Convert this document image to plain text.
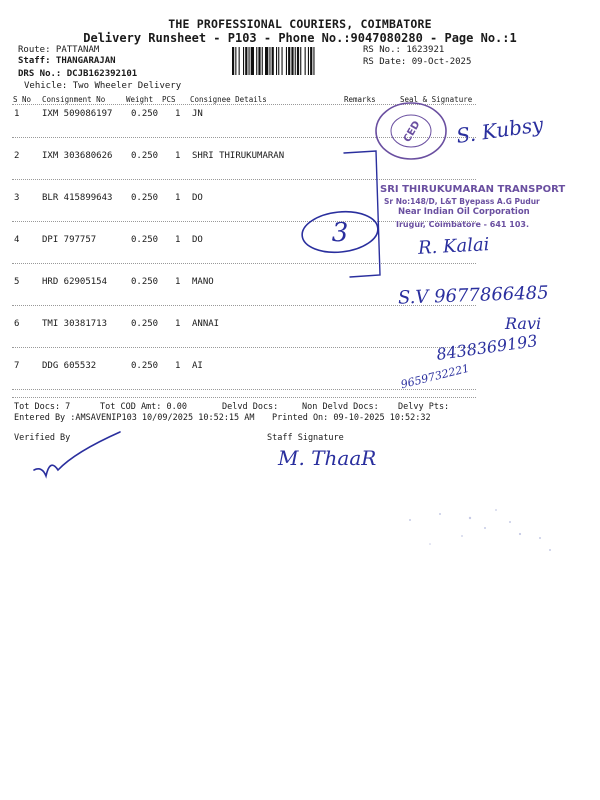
THE PROFESSIONAL COURIERS, COIMBATORE
Delivery Runsheet - P103 - Phone No.:9047080280 - Page No.:1
Route: PATTANAM
Staff: THANGARAJAN
DRS No.: DCJB162392101
Vehicle: Two Wheeler Delivery
RS No.: 1623921
RS Date: 09-Oct-2025
S No Consignment No	Weight PCS Consignee Details	Remarks	Seal & Signature
1	IXM 509086197 0.250 1 JN
2	IXM 303680626 0.250 1 SHRI THIRUKUMARAN
3	BLR 415899643 0.250 1 DO
4	DPI 797757	0.250 1 DO
5	HRD 62905154	0.250 1 MANO
6	TMI 30381713	0.250 1 ANNAI
7	DDG 605532	0.250 1 AI
Tot Docs: 7	Tot COD Amt: 0.00	Delvd Docs:	Non Delvd Docs: Delvy Pts:
Entered By :AMSAVENIP103 10/09/2025 10:52:15 AM Printed On: 09-10-2025 10:52:32
Verified By	Staff Signature
CED
SRI THIRUKUMARAN TRANSPORT
Sr No:148/D, L&T Byepass A.G Pudur
Near Indian Oil Corporation
Irugur, Coimbatore - 641 103.
3
S. Kubsy
R. Kalai
S.V 9677866485
Ravi
8438369193
9659732221
M. ThaaR
